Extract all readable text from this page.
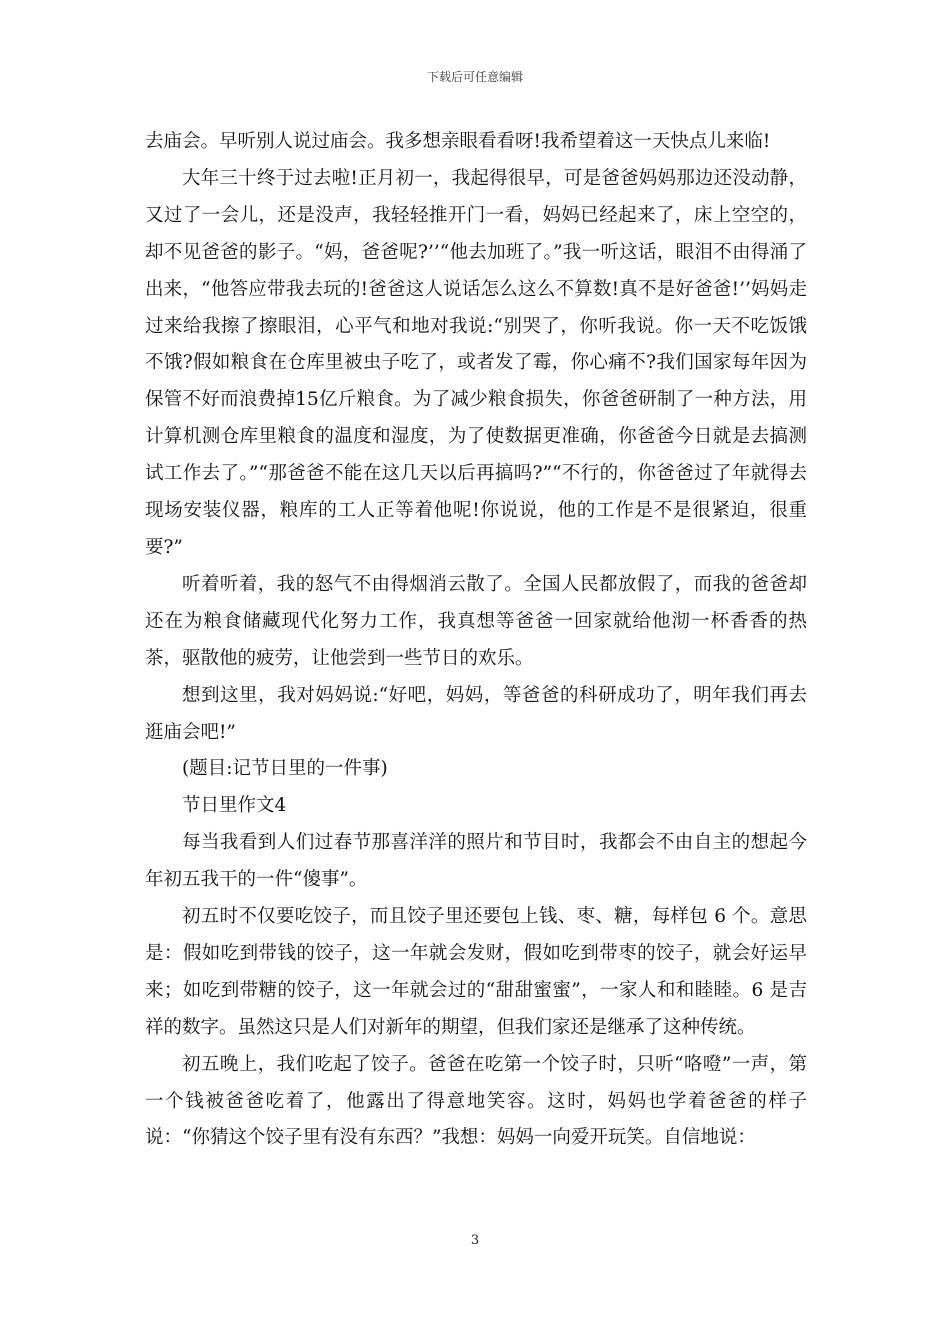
下载后可任意编辑

去庙会。早听别人说过庙会。我多想亲眼看看呀!我希望着这一天快点儿来临!

大年三十终于过去啦!正月初一，我起得很早，可是爸爸妈妈那边还没动静，又过了一会儿，还是没声，我轻轻推开门一看，妈妈已经起来了，床上空空的，却不见爸爸的影子。“妈，爸爸呢?’’“他去加班了。”我一听这话，眼泪不由得涌了出来，“他答应带我去玩的!爸爸这人说话怎么这么不算数!真不是好爸爸!’’妈妈走过来给我擦了擦眼泪，心平气和地对我说:“别哭了，你听我说。你一天不吃饭饿不饿?假如粮食在仓库里被虫子吃了，或者发了霉，你心痛不?我们国家每年因为保管不好而浪费掉15亿斤粮食。为了减少粮食损失，你爸爸研制了一种方法，用计算机测仓库里粮食的温度和湿度，为了使数据更准确，你爸爸今日就是去搞测试工作去了。”“那爸爸不能在这几天以后再搞吗?”“不行的，你爸爸过了年就得去现场安装仪器，粮库的工人正等着他呢!你说说，他的工作是不是很紧迫，很重要?”

听着听着，我的怒气不由得烟消云散了。全国人民都放假了，而我的爸爸却还在为粮食储藏现代化努力工作，我真想等爸爸一回家就给他沏一杯香香的热茶，驱散他的疲劳，让他尝到一些节日的欢乐。

想到这里，我对妈妈说:“好吧，妈妈，等爸爸的科研成功了，明年我们再去逛庙会吧!”

(题目:记节日里的一件事)

节日里作文4

每当我看到人们过春节那喜洋洋的照片和节目时，我都会不由自主的想起今年初五我干的一件“傻事”。

初五时不仅要吃饺子，而且饺子里还要包上钱、枣、糖，每样包 6 个。意思是：假如吃到带钱的饺子，这一年就会发财，假如吃到带枣的饺子，就会好运早来；如吃到带糖的饺子，这一年就会过的“甜甜蜜蜜”，一家人和和睦睦。6 是吉祥的数字。虽然这只是人们对新年的期望，但我们家还是继承了这种传统。

初五晚上，我们吃起了饺子。爸爸在吃第一个饺子时，只听“咯噔”一声，第一个钱被爸爸吃着了，他露出了得意地笑容。这时，妈妈也学着爸爸的样子说：“你猜这个饺子里有没有东西？”我想：妈妈一向爱开玩笑。自信地说：

3
